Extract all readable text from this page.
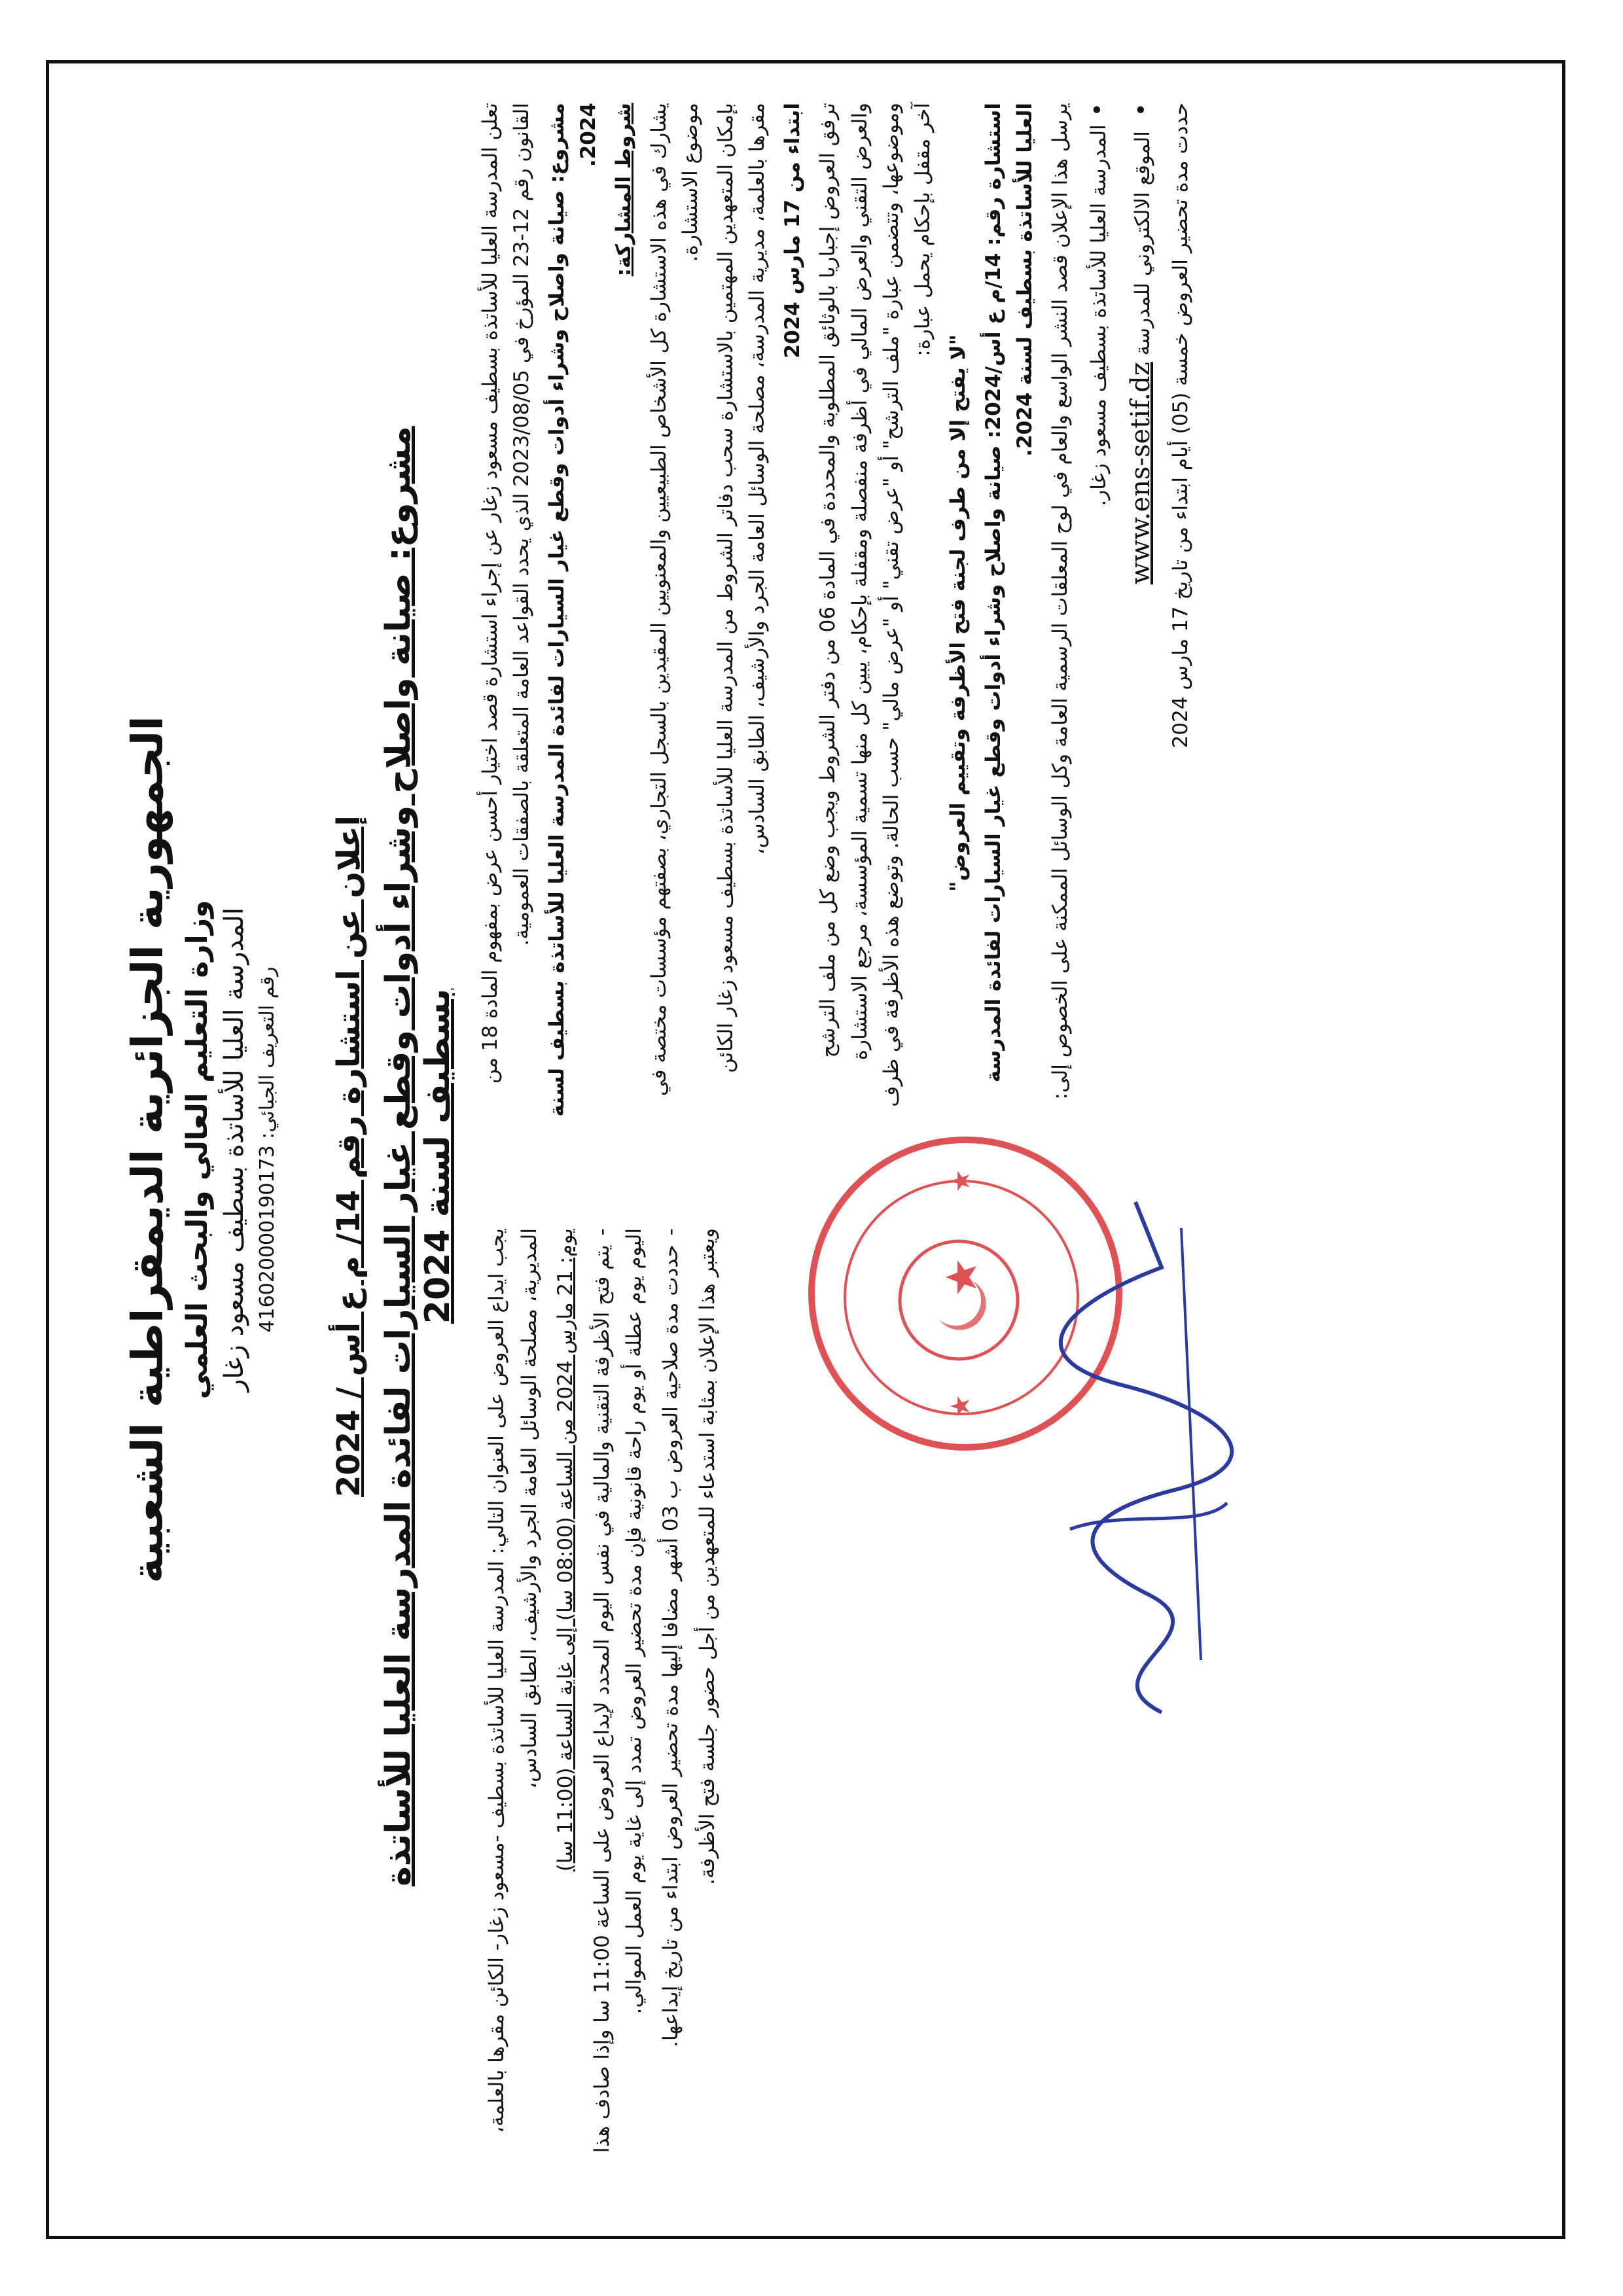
الجمهورية الجزائرية الديمقراطية الشعبية وزارة التعليم العالي والبحث العلمي المدرسة العليا للأساتذة بسطيف مسعود زغار رقم التعريف الجبائي: 416020000190173
إعلان عن استشارة رقم 14/ م ع أس / 2024 مشروع: صيانة واصلاح وشراء أدوات وقطع غيار السيارات لفائدة المدرسة العليا للأساتذة بسطيف لسنة 2024 تعلن المدرسة العليا للأساتذة بسطيف مسعود زغار عن إجراء استشارة قصد اختيار أحسن عرض بمفهوم المادة 18 من القانون رقم 12-23 المؤرخ في 2023/08/05 الذي يحدد القواعد العامة المتعلقة بالصفقات العمومية. مشروع: صيانة واصلاح وشراء أدوات وقطع غيار السيارات لفائدة المدرسة العليا للأساتذة بسطيف لسنة 2024. شروط المشاركة: يشارك في هذه الاستشارة كل الأشخاص الطبيعيين والمعنويين المقيدين بالسجل التجاري، بصفتهم مؤسسات مختصة في موضوع الاستشارة. بإمكان المتعهدين المهتمين بالاستشارة سحب دفاتر الشروط من المدرسة العليا للأساتذة بسطيف مسعود زغار الكائن مقرها بالعلمة، مديرية المدرسة، مصلحة الوسائل العامة الجرد والأرشيف، الطابق السادس، ابتداء من 17 مارس 2024

ترفق العروض إجباريا بالوثائق المطلوبة والمحددة في المادة 06 من دفتر الشروط ويجب وضع كل من ملف الترشح والعرض التقني والعرض المالي في أظرفة منفصلة ومقفلة بإحكام، يبين كل منها تسمية المؤسسة، مرجع الاستشارة وموضوعها، وتتضمن عبارة "ملف الترشح" أو "عرض تقني" أو "عرض مالي" حسب الحالة. وتوضع هذه الأظرفة في ظرف آخر مقفل بإحكام يحمل عبارة:

"لا يفتح إلا من طرف لجنة فتح الأظرفة وتقييم العروض" استشارة رقم: 14/م ع أس/2024: صيانة واصلاح وشراء أدوات وقطع غيار السيارات لفائدة المدرسة العليا للأساتذة بسطيف لسنة 2024. يرسل هذا الإعلان قصد النشر الواسع والعام في لوح المعلقات الرسمية العامة وكل الوسائل الممكنة على الخصوص إلى: • المدرسة العليا للأساتذة بسطيف مسعود زغار. • الموقع الالكتروني للمدرسة www.ens-setif.dz

حددت مدة تحضير العروض خمسة (05) أيام ابتداء من تاريخ 17 مارس 2024

يجب ايداع العروض على العنوان التالي: المدرسة العليا للأساتذة بسطيف -مسعود زغار- الكائن مقرها بالعلمة، المديرية، مصلحة الوسائل العامة الجرد والأرشيف، الطابق السادس،

يوم: 21 مارس 2024 من الساعة (08:00 سا) إلى غاية الساعة (11:00 سا)

- يتم فتح الأظرفة التقنية والمالية في نفس اليوم المحدد لإيداع العروض على الساعة 11:00 سا وإذا صادف هذا اليوم يوم عطلة أو يوم راحة قانونية فإن مدة تحضير العروض تمدد إلى غاية يوم العمل الموالي. - حددت مدة صلاحية العروض ب 03 أشهر مضافا إليها مدة تحضير العروض ابتداء من تاريخ إيداعها. ويعتبر هذا الإعلان بمثابة استدعاء للمتعهدين من أجل حضور جلسة فتح الأظرفة.	★
★
